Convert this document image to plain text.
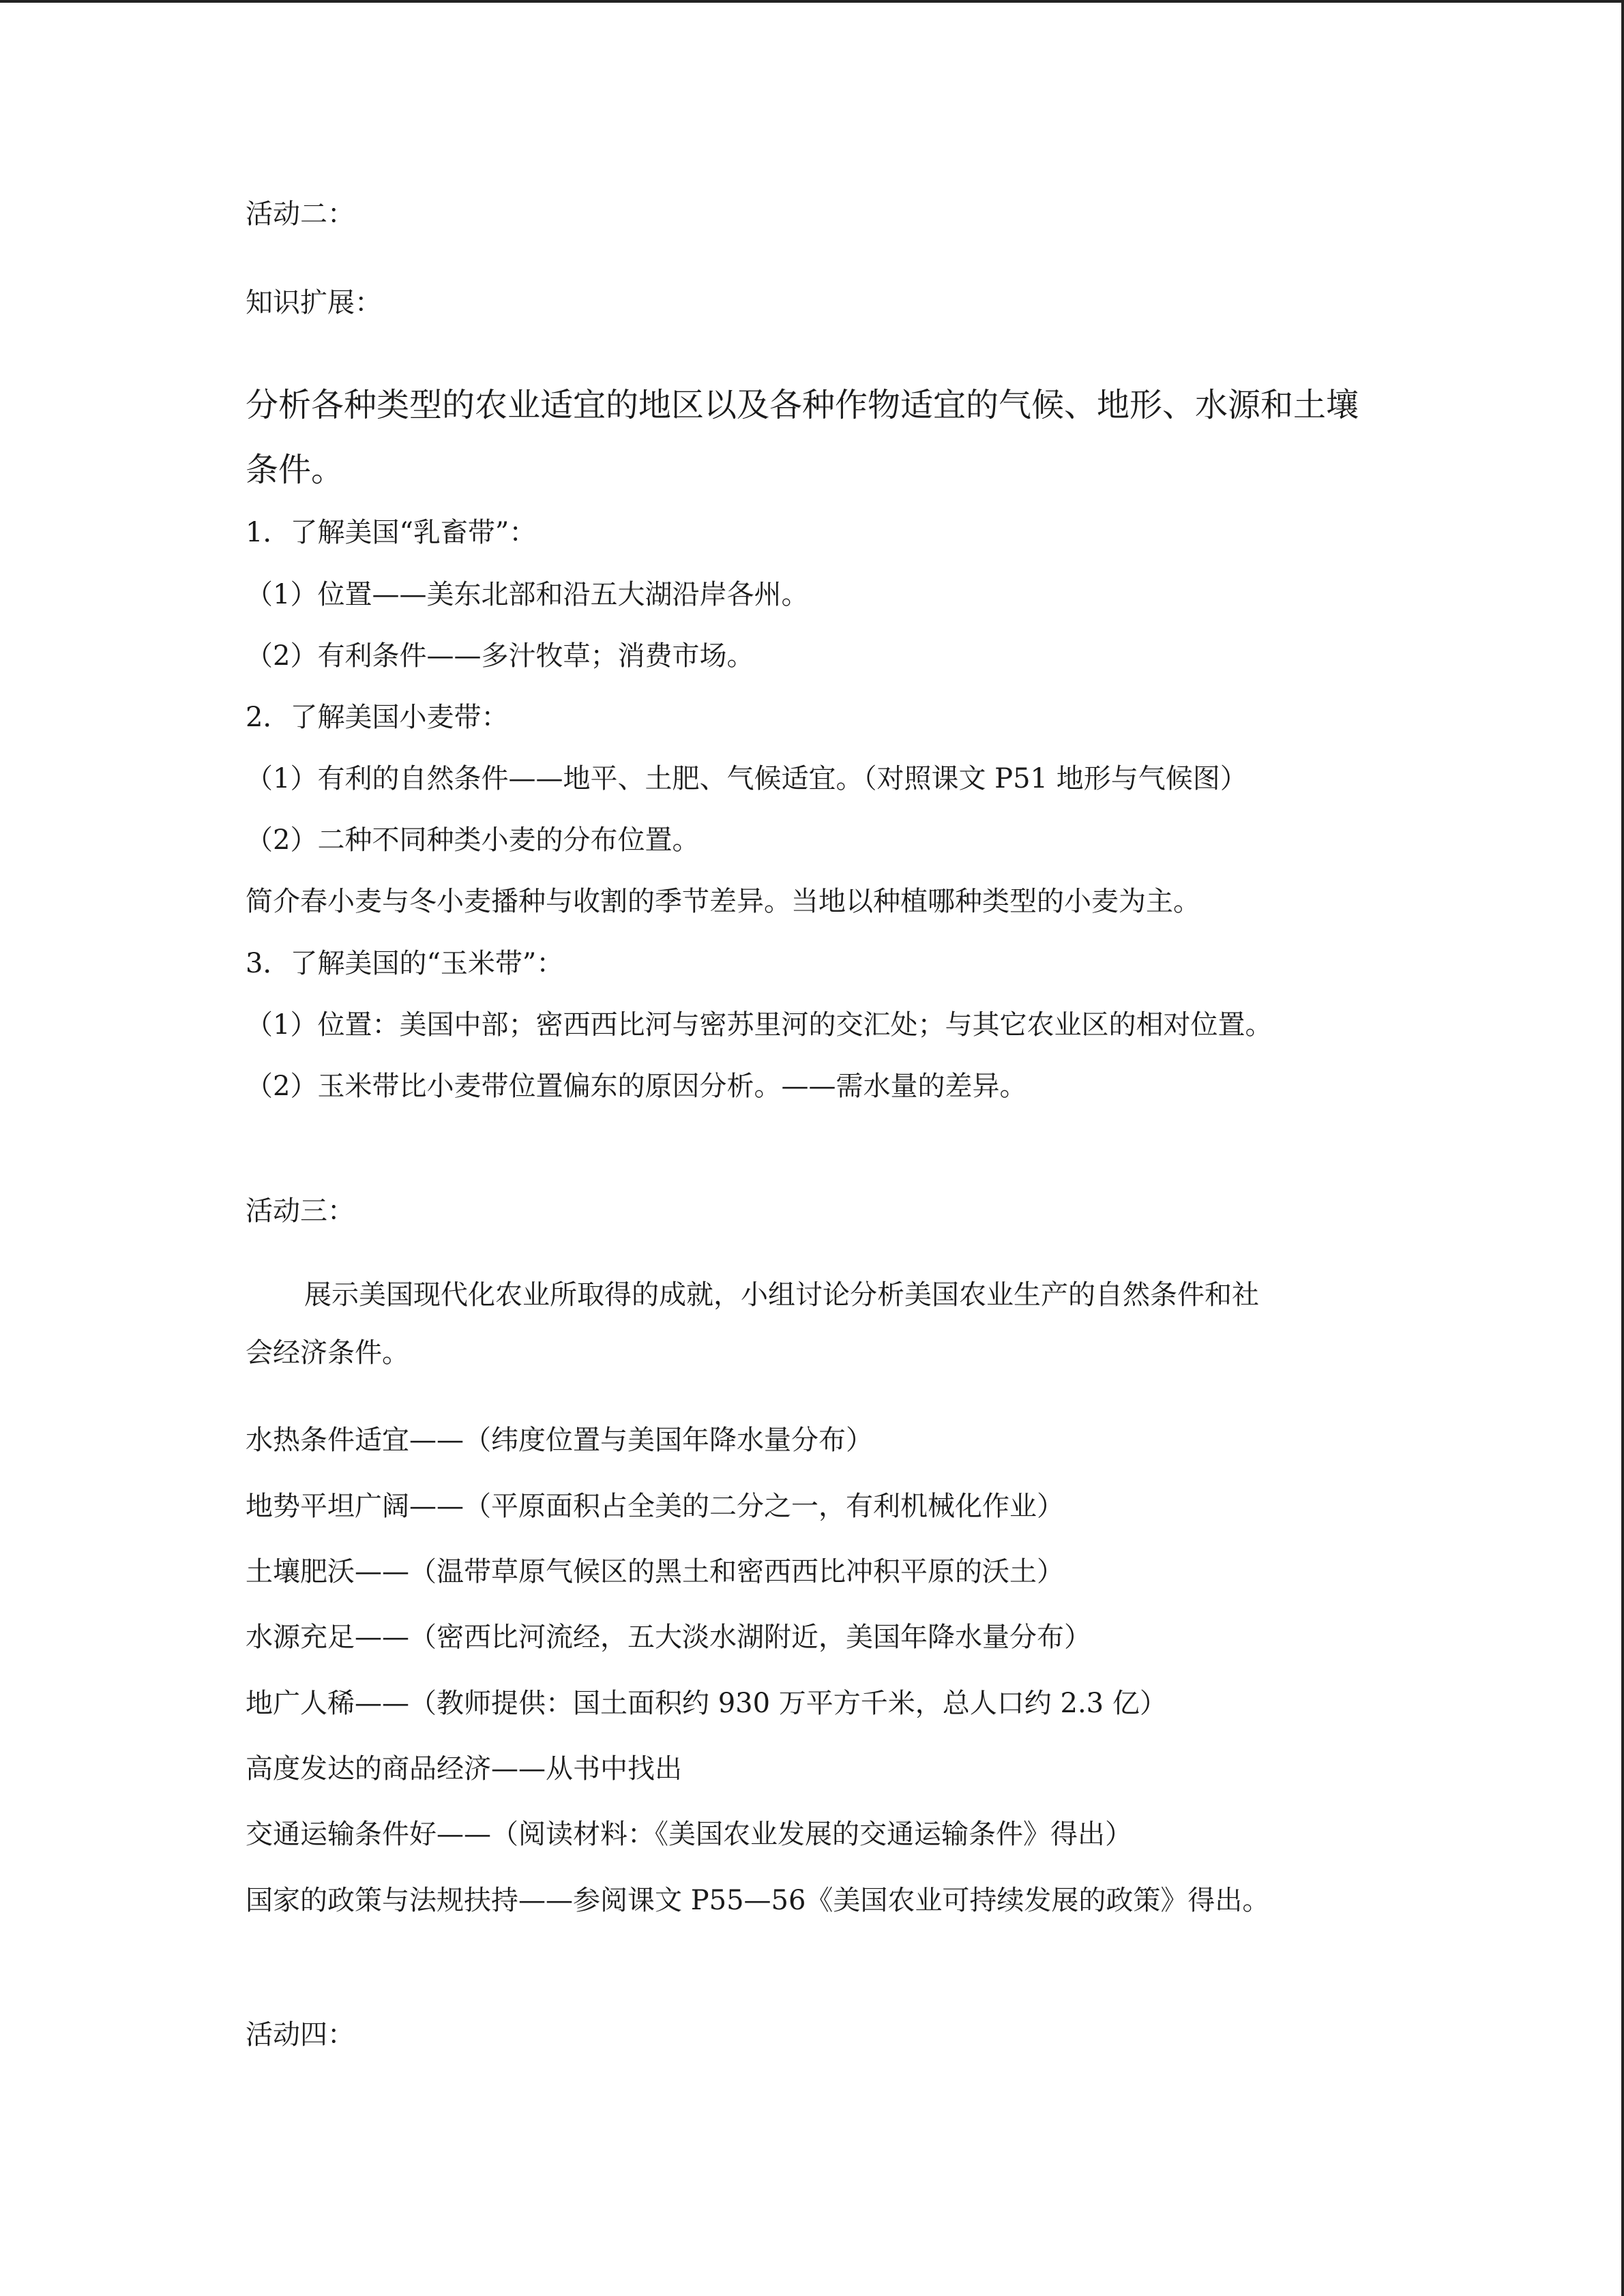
活动二：
知识扩展：
分析各种类型的农业适宜的地区以及各种作物适宜的气候、地形、水源和土壤
条件。
1．了解美国“乳畜带”：
（1）位置——美东北部和沿五大湖沿岸各州。
（2）有利条件——多汁牧草；消费市场。
2．了解美国小麦带：
（1）有利的自然条件——地平、土肥、气候适宜。（对照课文 P51 地形与气候图）
（2）二种不同种类小麦的分布位置。
简介春小麦与冬小麦播种与收割的季节差异。当地以种植哪种类型的小麦为主。
3．了解美国的“玉米带”：
（1）位置：美国中部；密西西比河与密苏里河的交汇处；与其它农业区的相对位置。
（2）玉米带比小麦带位置偏东的原因分析。——需水量的差异。
活动三：
展示美国现代化农业所取得的成就，小组讨论分析美国农业生产的自然条件和社
会经济条件。
水热条件适宜——（纬度位置与美国年降水量分布）
地势平坦广阔——（平原面积占全美的二分之一，有利机械化作业）
土壤肥沃——（温带草原气候区的黑土和密西西比冲积平原的沃土）
水源充足——（密西比河流经，五大淡水湖附近，美国年降水量分布）
地广人稀——（教师提供：国土面积约 930 万平方千米，总人口约 2.3 亿）
高度发达的商品经济——从书中找出
交通运输条件好——（阅读材料：《美国农业发展的交通运输条件》得出）
国家的政策与法规扶持——参阅课文 P55—56《美国农业可持续发展的政策》得出。
活动四：
